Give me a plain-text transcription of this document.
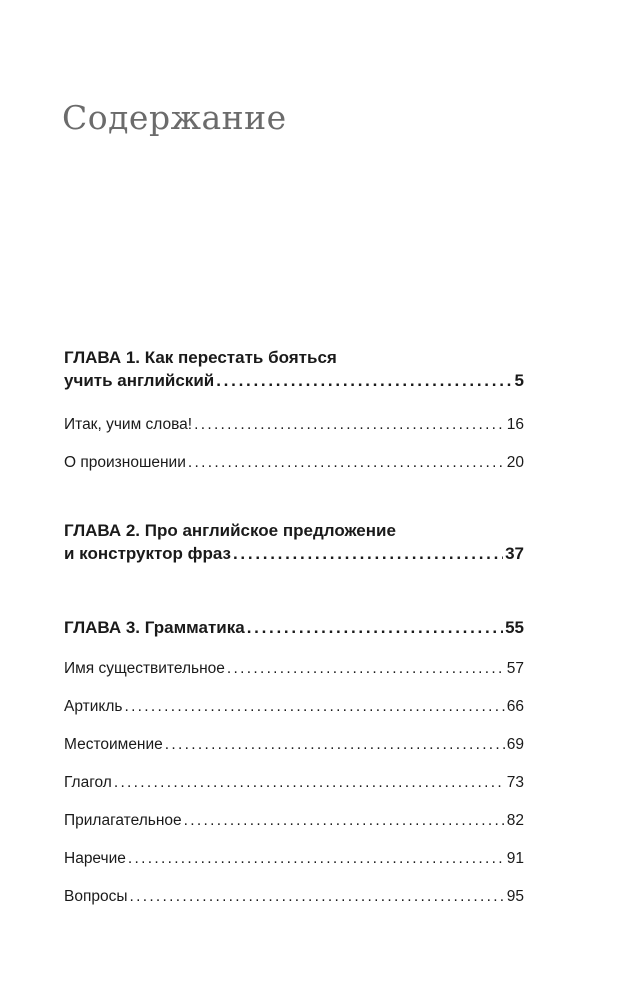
Содержание
ГЛАВА 1. Как перестать бояться
учить английский . . .	5
Итак, учим слова! . . .	16
О произношении . . .	20
ГЛАВА 2. Про английское предложение
и конструктор фраз . . .	37
ГЛАВА 3. Грамматика . . .	55
Имя существительное . . .	57
Артикль . . .	66
Местоимение . . .	69
Глагол . . .	73
Прилагательное . . .	82
Наречие . . .	91
Вопросы . . .	95
